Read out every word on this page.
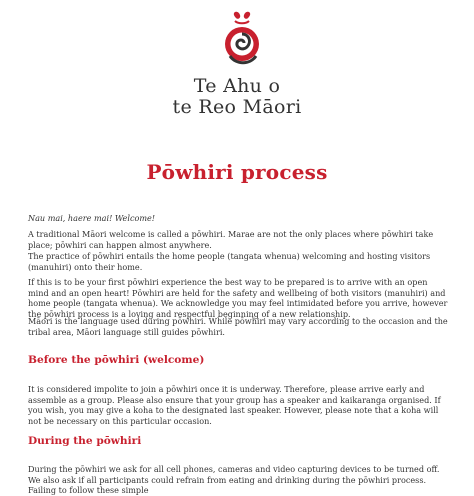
Te Ahu o
te Reo Māori
Pōwhiri process

Nau mai, haere mai! Welcome!

A traditional Māori welcome is called a pōwhiri. Marae are not the only places where pōwhiri take place; pōwhiri can happen almost anywhere.

The practice of pōwhiri entails the home people (tangata whenua) welcoming and hosting visitors (manuhiri) onto their home.

If this is to be your first pōwhiri experience the best way to be prepared is to arrive with an open mind and an open heart! Pōwhiri are held for the safety and wellbeing of both visitors (manuhiri) and home people (tangata whenua). We acknowledge you may feel intimidated before you arrive, however the pōwhiri process is a loving and respectful beginning of a new relationship.

Māori is the language used during pōwhiri. While pōwhiri may vary according to the occasion and the tribal area, Māori language still guides pōwhiri.

Before the pōwhiri (welcome)

It is considered impolite to join a pōwhiri once it is underway. Therefore, please arrive early and assemble as a group. Please also ensure that your group has a speaker and kaikaranga organised. If you wish, you may give a koha to the designated last speaker. However, please note that a koha will not be necessary on this particular occasion.

During the pōwhiri

During the pōwhiri we ask for all cell phones, cameras and video capturing devices to be turned off. We also ask if all participants could refrain from eating and drinking during the pōwhiri process. Failing to follow these simple
